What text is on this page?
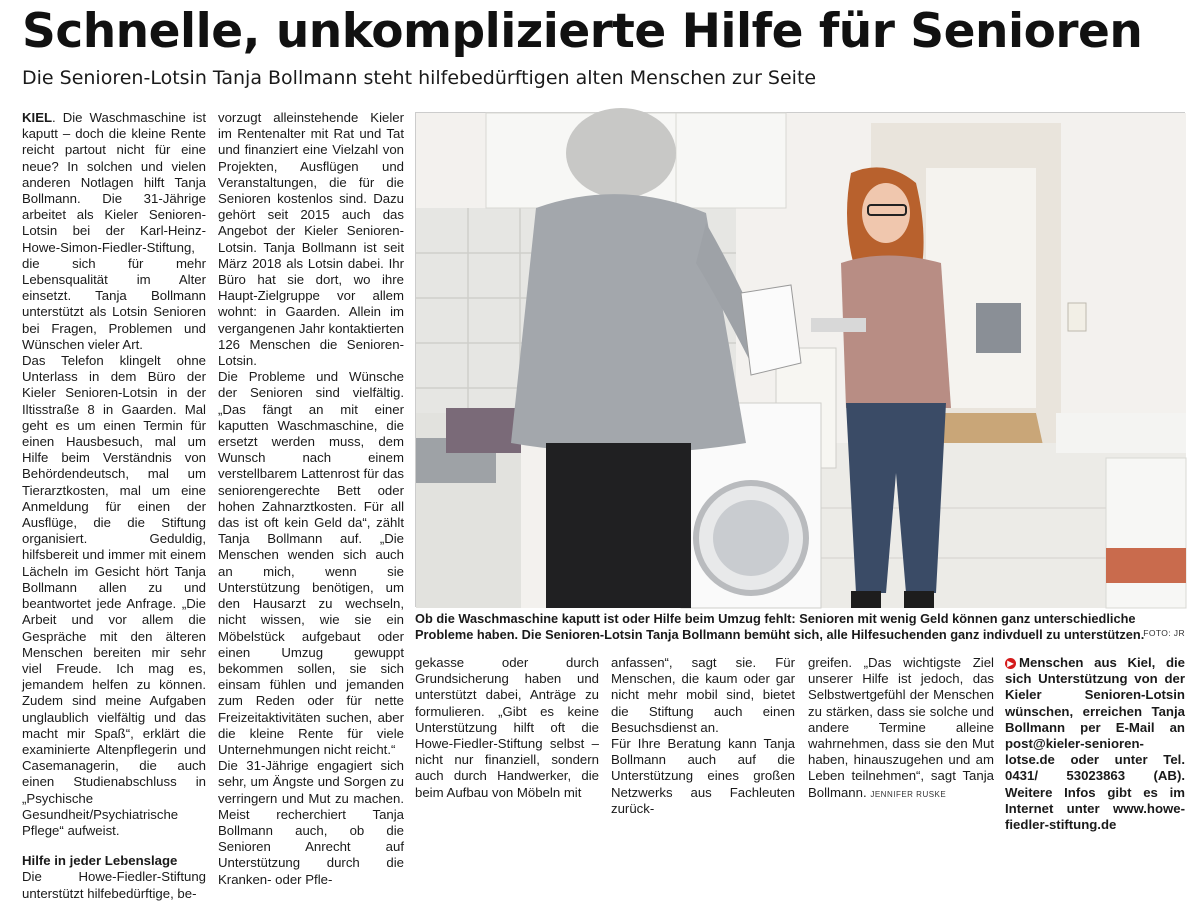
Schnelle, unkomplizierte Hilfe für Senioren
Die Senioren-Lotsin Tanja Bollmann steht hilfebedürftigen alten Menschen zur Seite

KIEL. Die Waschmaschine ist kaputt – doch die kleine Rente reicht partout nicht für eine neue? In solchen und vielen anderen Notlagen hilft Tanja Bollmann. Die 31-Jährige arbeitet als Kieler Senioren-Lotsin bei der Karl-Heinz-Howe-Simon-Fiedler-Stiftung, die sich für mehr Lebensqualität im Alter einsetzt. Tanja Bollmann unterstützt als Lotsin Senioren bei Fragen, Problemen und Wünschen vieler Art.

Das Telefon klingelt ohne Unterlass in dem Büro der Kieler Senioren-Lotsin in der Iltisstraße 8 in Gaarden. Mal geht es um einen Termin für einen Hausbesuch, mal um Hilfe beim Verständnis von Behördendeutsch, mal um Tierarztkosten, mal um eine Anmeldung für einen der Ausflüge, die die Stiftung organisiert. Geduldig, hilfsbereit und immer mit einem Lächeln im Gesicht hört Tanja Bollmann allen zu und beantwortet jede Anfrage. „Die Arbeit und vor allem die Gespräche mit den älteren Menschen bereiten mir sehr viel Freude. Ich mag es, jemandem helfen zu können. Zudem sind meine Aufgaben unglaublich vielfältig und das macht mir Spaß“, erklärt die examinierte Altenpflegerin und Casemanagerin, die auch einen Studienabschluss in „Psychische Gesundheit/Psychiatrische Pflege“ aufweist.

Hilfe in jeder Lebenslage

Die Howe-Fiedler-Stiftung unterstützt hilfebedürftige, be-

vorzugt alleinstehende Kieler im Rentenalter mit Rat und Tat und finanziert eine Vielzahl von Projekten, Ausflügen und Veranstaltungen, die für die Senioren kostenlos sind. Dazu gehört seit 2015 auch das Angebot der Kieler Senioren-Lotsin. Tanja Bollmann ist seit März 2018 als Lotsin dabei. Ihr Büro hat sie dort, wo ihre Haupt-Zielgruppe vor allem wohnt: in Gaarden. Allein im vergangenen Jahr kontaktierten 126 Menschen die Senioren-Lotsin.

Die Probleme und Wünsche der Senioren sind vielfältig. „Das fängt an mit einer kaputten Waschmaschine, die ersetzt werden muss, dem Wunsch nach einem verstellbarem Lattenrost für das seniorengerechte Bett oder hohen Zahnarztkosten. Für all das ist oft kein Geld da“, zählt Tanja Bollmann auf. „Die Menschen wenden sich auch an mich, wenn sie Unterstützung benötigen, um den Hausarzt zu wechseln, nicht wissen, wie sie ein Möbelstück aufgebaut oder einen Umzug gewuppt bekommen sollen, sie sich einsam fühlen und jemanden zum Reden oder für nette Freizeitaktivitäten suchen, aber die kleine Rente für viele Unternehmungen nicht reicht.“

Die 31-Jährige engagiert sich sehr, um Ängste und Sorgen zu verringern und Mut zu machen. Meist recherchiert Tanja Bollmann auch, ob die Senioren Anrecht auf Unterstützung durch die Kranken- oder Pfle-

Ob die Waschmaschine kaputt ist oder Hilfe beim Umzug fehlt: Senioren mit wenig Geld können ganz unterschiedliche Probleme haben. Die Senioren-Lotsin Tanja Bollmann bemüht sich, alle Hilfesuchenden ganz indivduell zu unterstützen.
FOTO: JR

gekasse oder durch Grundsicherung haben und unterstützt dabei, Anträge zu formulieren. „Gibt es keine Unterstützung hilft oft die Howe-Fiedler-Stiftung selbst – nicht nur finanziell, sondern auch durch Handwerker, die beim Aufbau von Möbeln mit

anfassen“, sagt sie. Für Menschen, die kaum oder gar nicht mehr mobil sind, bietet die Stiftung auch einen Besuchsdienst an.

Für Ihre Beratung kann Tanja Bollmann auch auf die Unterstützung eines großen Netzwerks aus Fachleuten zurück-

greifen. „Das wichtigste Ziel unserer Hilfe ist jedoch, das Selbstwertgefühl der Menschen zu stärken, dass sie solche und andere Termine alleine wahrnehmen, dass sie den Mut haben, hinauszugehen und am Leben teilnehmen“, sagt Tanja Bollmann. JENNIFER RUSKE

▶ Menschen aus Kiel, die sich Unterstützung von der Kieler Senioren-Lotsin wünschen, erreichen Tanja Bollmann per E-Mail an post@kieler-senioren-lotse.de oder unter Tel. 0431/ 53023863 (AB). Weitere Infos gibt es im Internet unter www.howe-fiedler-stiftung.de
